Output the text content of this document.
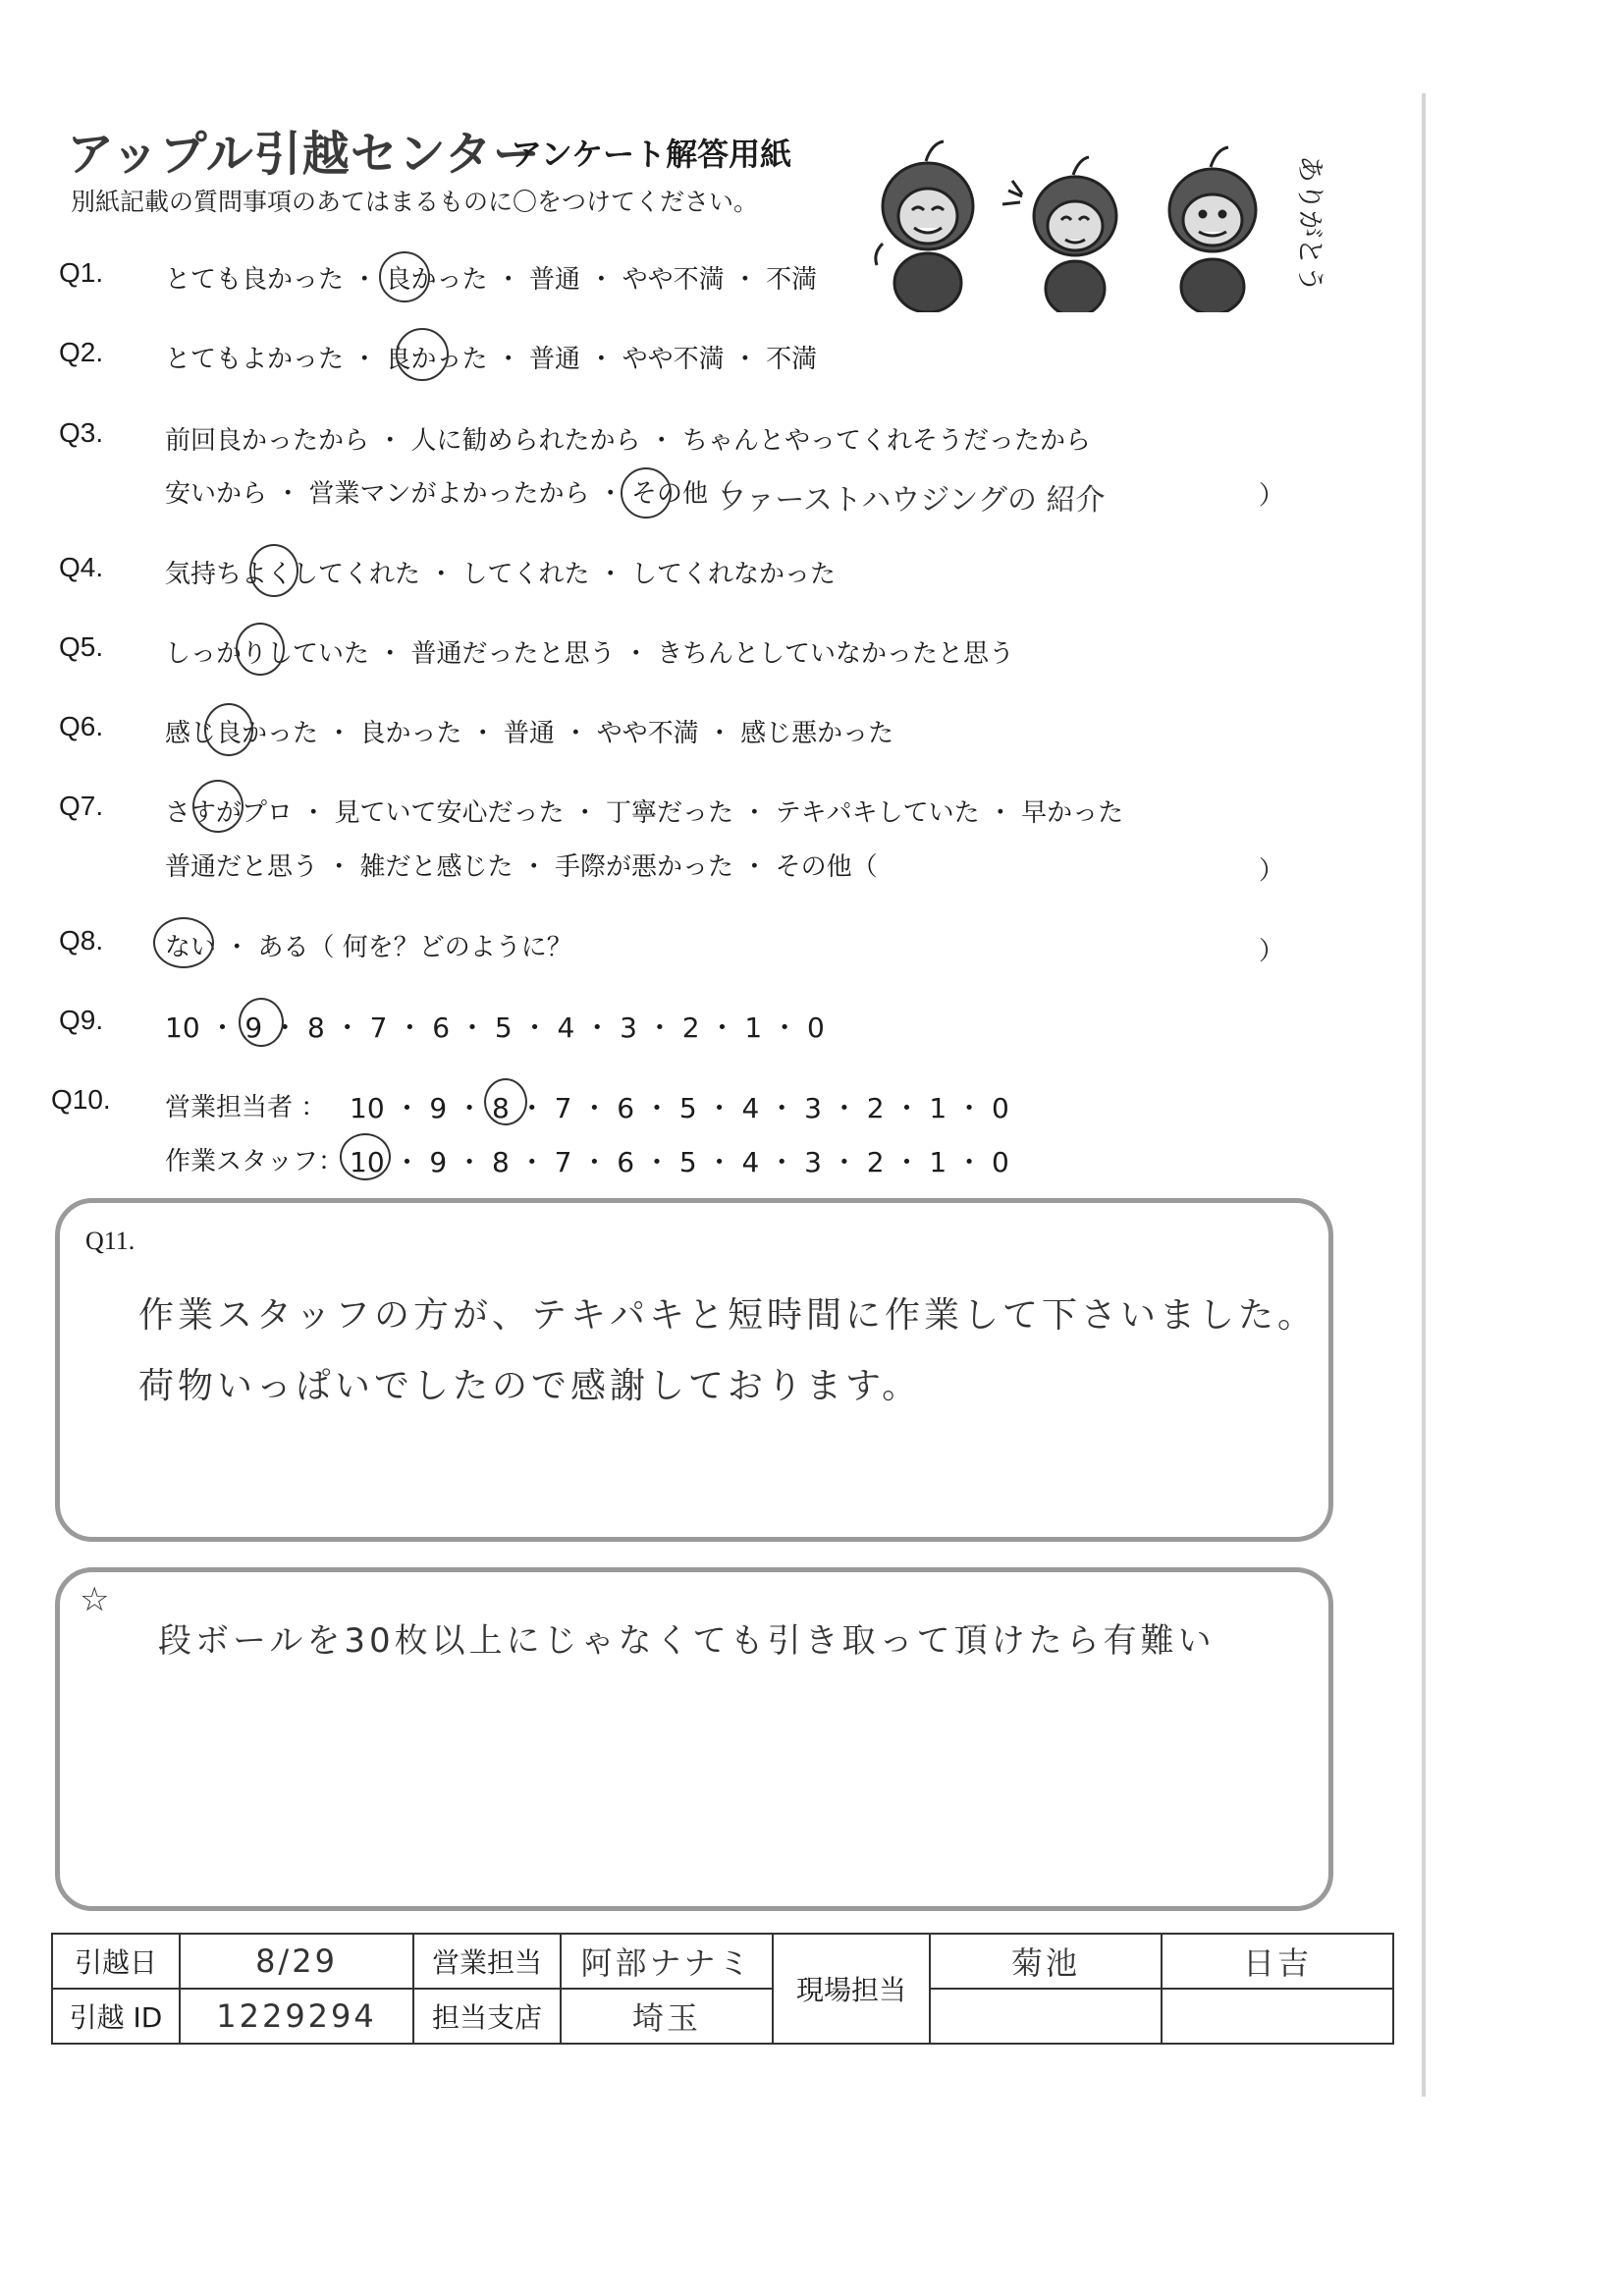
アップル引越センター
アンケート解答用紙
別紙記載の質問事項のあてはまるものに〇をつけてください。	ありがとう
Q1. とても良かった ・ 良かった ・ 普通 ・ やや不満 ・ 不満
Q2. とてもよかった ・ 良かった ・ 普通 ・ やや不満 ・ 不満
Q3. 前回良かったから ・ 人に勧められたから ・ ちゃんとやってくれそうだったから
安いから ・ 営業マンがよかったから ・ その他（
ファーストハウジングの 紹介	）
Q4. 気持ちよくしてくれた ・ してくれた ・ してくれなかった
Q5. しっかりしていた ・ 普通だったと思う ・ きちんとしていなかったと思う
Q6. 感じ良かった ・ 良かった ・ 普通 ・ やや不満 ・ 感じ悪かった
Q7. さすがプロ ・ 見ていて安心だった ・ 丁寧だった ・ テキパキしていた ・ 早かった
普通だと思う ・ 雑だと感じた ・ 手際が悪かった ・ その他（	）
Q8. ない ・ ある（ 何を？どのように？	）
Q9. 10 ・ 9 ・ 8 ・ 7 ・ 6 ・ 5 ・ 4 ・ 3 ・ 2 ・ 1 ・ 0
Q10. 営業担当者 ： 10 ・ 9 ・ 8 ・ 7 ・ 6 ・ 5 ・ 4 ・ 3 ・ 2 ・ 1 ・ 0
作業スタッフ： 10 ・ 9 ・ 8 ・ 7 ・ 6 ・ 5 ・ 4 ・ 3 ・ 2 ・ 1 ・ 0
Q11.
作業スタッフの方が、テキパキと短時間に作業して下さいました。
荷物いっぱいでしたので感謝しております。
☆
段ボールを30枚以上にじゃなくても引き取って頂けたら有難い
引越日	8/29	営業担当	阿部ナナミ	現場担当	菊池	日吉
引越 ID	1229294	担当支店	埼玉			
